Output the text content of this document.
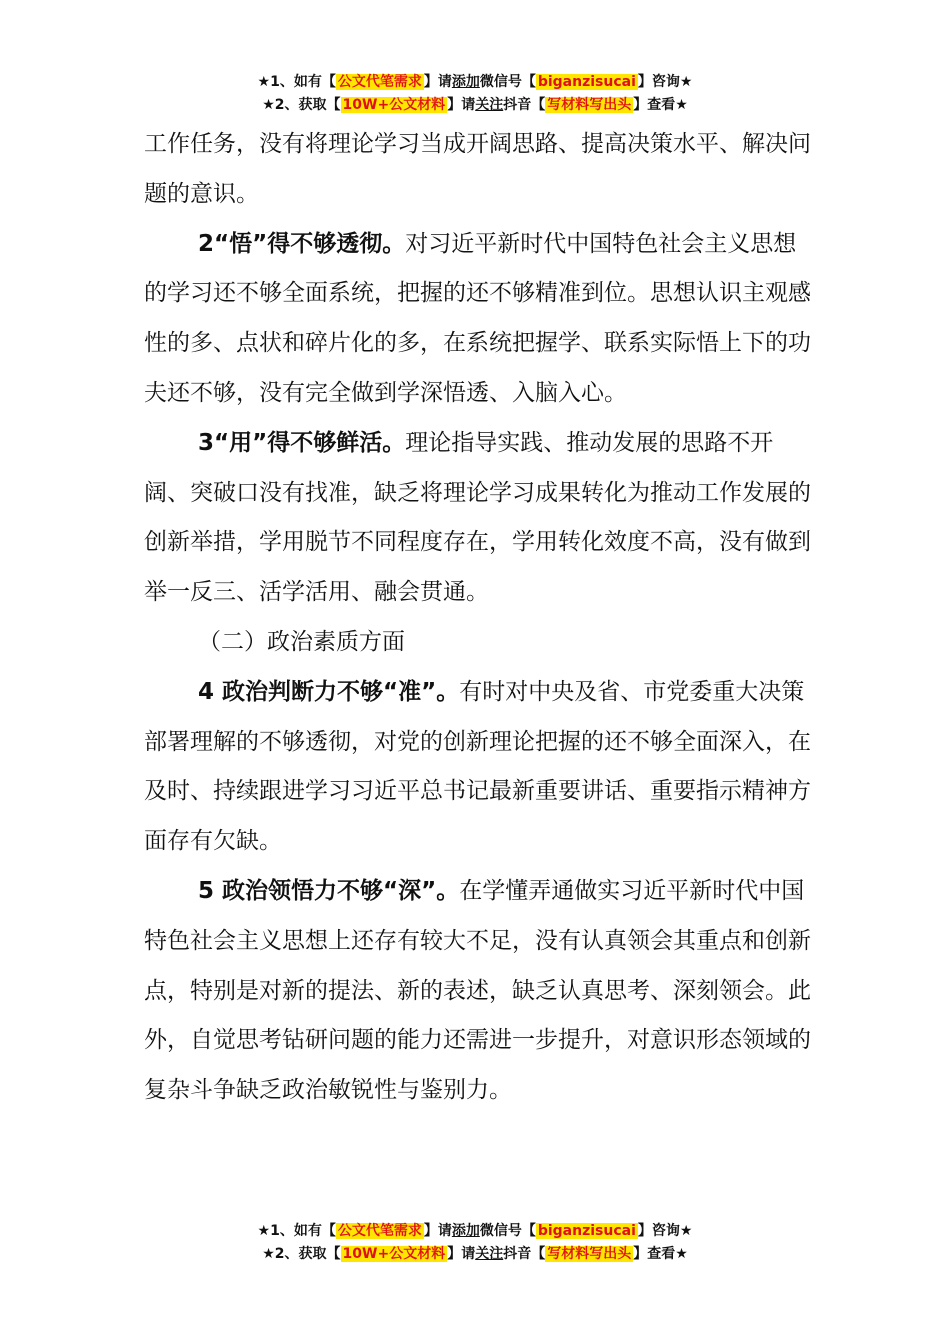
★1、如有【 公文代笔需求 】请添加微信号【 biganzisucai 】咨询★
★2、获取【 10W+公文材料 】请关注抖音【 写材料写出头 】查看★

工作任务，没有将理论学习当成开阔思路、提高决策水平、解决问题的意识。

2“悟”得不够透彻。对习近平新时代中国特色社会主义思想的学习还不够全面系统，把握的还不够精准到位。思想认识主观感性的多、点状和碎片化的多，在系统把握学、联系实际悟上下的功夫还不够，没有完全做到学深悟透、入脑入心。

3“用”得不够鲜活。理论指导实践、推动发展的思路不开阔、突破口没有找准，缺乏将理论学习成果转化为推动工作发展的创新举措，学用脱节不同程度存在，学用转化效度不高，没有做到举一反三、活学活用、融会贯通。

（二）政治素质方面

4 政治判断力不够“准”。有时对中央及省、市党委重大决策部署理解的不够透彻，对党的创新理论把握的还不够全面深入，在及时、持续跟进学习习近平总书记最新重要讲话、重要指示精神方面存有欠缺。

5 政治领悟力不够“深”。在学懂弄通做实习近平新时代中国特色社会主义思想上还存有较大不足，没有认真领会其重点和创新点，特别是对新的提法、新的表述，缺乏认真思考、深刻领会。此外，自觉思考钻研问题的能力还需进一步提升，对意识形态领域的复杂斗争缺乏政治敏锐性与鉴别力。

★1、如有【 公文代笔需求 】请添加微信号【 biganzisucai 】咨询★
★2、获取【 10W+公文材料 】请关注抖音【 写材料写出头 】查看★
